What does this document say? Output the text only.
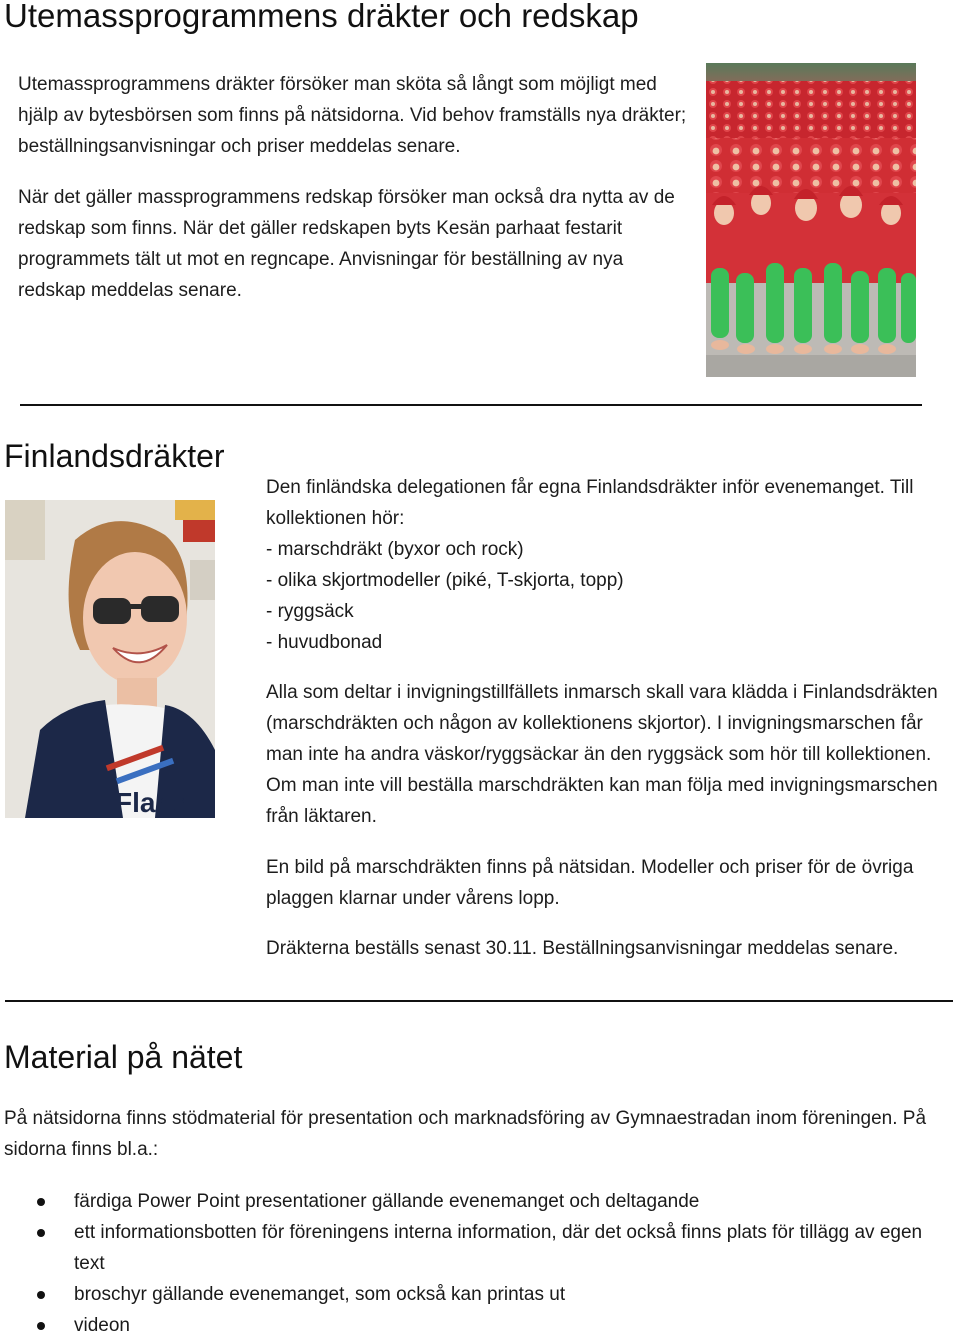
Utemassprogrammens dräkter och redskap

Utemassprogrammens dräkter försöker man sköta så långt som möjligt med hjälp av bytesbörsen som finns på nätsidorna. Vid behov framställs nya dräkter; beställningsanvisningar och priser meddelas senare.

När det gäller massprogrammens redskap försöker man också dra nytta av de redskap som finns. När det gäller redskapen byts Kesän parhaat festarit programmets tält ut mot en regncape. Anvisningar för beställning av nya redskap meddelas senare.

Finlandsdräkter
Fland

Den finländska delegationen får egna Finlandsdräkter inför evenemanget. Till kollektionen hör:

- marschdräkt (byxor och rock)
- olika skjortmodeller (piké, T-skjorta, topp)
- ryggsäck
- huvudbonad

Alla som deltar i invigningstillfällets inmarsch skall vara klädda i Finlandsdräkten (marschdräkten och någon av kollektionens skjortor). I invigningsmarschen får man inte ha andra väskor/ryggsäckar än den ryggsäck som hör till kollektionen. Om man inte vill beställa marschdräkten kan man följa med invigningsmarschen från läktaren.

En bild på marschdräkten finns på nätsidan. Modeller och priser för de övriga plaggen klarnar under vårens lopp.

Dräkterna beställs senast 30.11. Beställningsanvisningar meddelas senare.

Material på nätet

På nätsidorna finns stödmaterial för presentation och marknadsföring av Gymnaestradan inom föreningen. På sidorna finns bl.a.:

färdiga Power Point presentationer gällande evenemanget och deltagande
ett informationsbotten för föreningens interna information, där det också finns plats för tillägg av egen text
broschyr gällande evenemanget, som också kan printas ut
videon
